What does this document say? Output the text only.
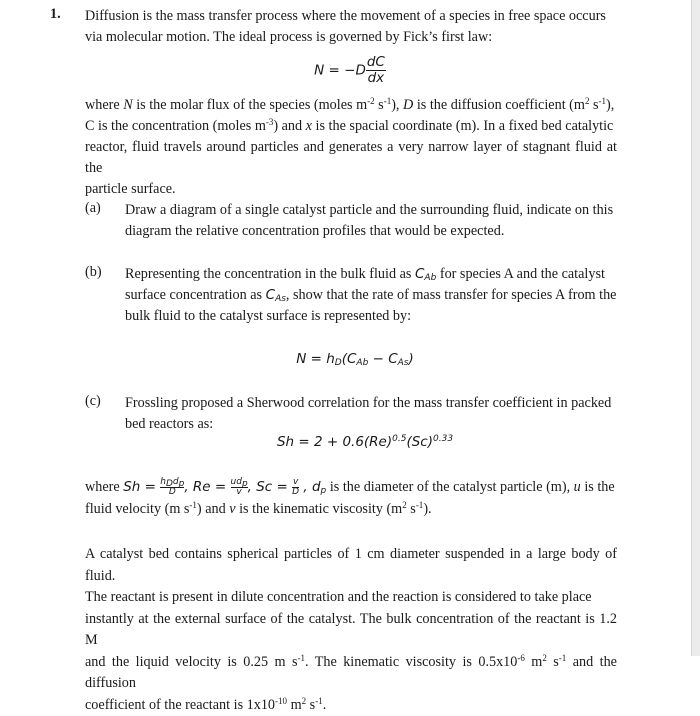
1. Diffusion is the mass transfer process where the movement of a species in free space occurs
via molecular motion. The ideal process is governed by Fick’s first law:
$N = -D \frac{dC}{dx}$
where N is the molar flux of the species (moles $m^{-2}$ $s^{-1}$), D is the diffusion coefficient ($m^2$ $s^{-1}$),
C is the concentration (moles $m^{-3}$) and x is the spacial coordinate (m). In a fixed bed catalytic
reactor, fluid travels around particles and generates a very narrow layer of stagnant fluid at the
particle surface.
(a) Draw a diagram of a single catalyst particle and the surrounding fluid, indicate on this
diagram the relative concentration profiles that would be expected.
(b) Representing the concentration in the bulk fluid as $C_{Ab}$ for species A and the catalyst
surface concentration as $C_{As}$, show that the rate of mass transfer for species A from the
bulk fluid to the catalyst surface is represented by:
$N = h_D(C_{Ab} - C_{As})$
(c) Frossling proposed a Sherwood correlation for the mass transfer coefficient in packed
bed reactors as:
$Sh = 2 + 0.6(Re)^{0.5}(Sc)^{0.33}$
where $Sh = h_Dd_p$
D , $Re = ud_p$
v , $Sc = \frac{v}{D}$ , $d_p$ is the diameter of the catalyst particle (m), u is the
fluid velocity (m $s^{-1}$) and v is the kinematic viscosity ($m^2$ $s^{-1}$).
A catalyst bed contains spherical particles of 1 cm diameter suspended in a large body of fluid.
The reactant is present in dilute concentration and the reaction is considered to take place
instantly at the external surface of the catalyst. The bulk concentration of the reactant is 1.2 M
and the liquid velocity is 0.25 m $s^{-1}$. The kinematic viscosity is $0.5x10^{-6}$ $m^2$ $s^{-1}$ and the diffusion
coefficient of the reactant is $1x10^{-10}$ $m^2$ $s^{-1}$.
